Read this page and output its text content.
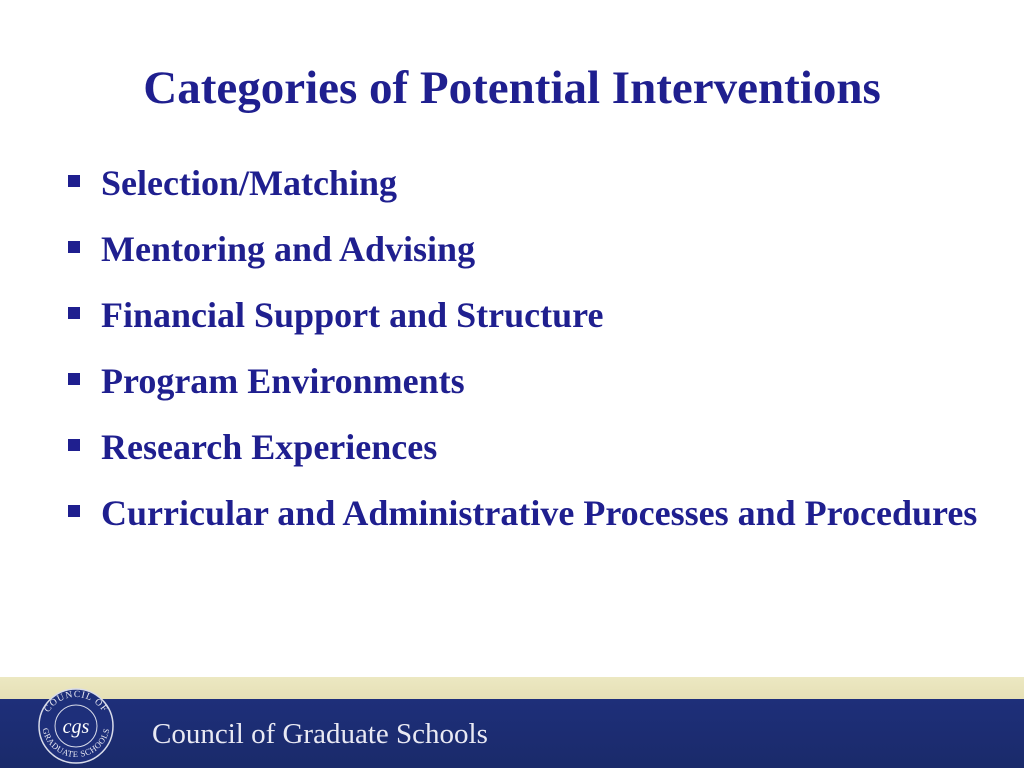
Categories of Potential Interventions
Selection/Matching
Mentoring and Advising
Financial Support and Structure
Program Environments
Research Experiences
Curricular and Administrative Processes and Procedures
COUNCIL OF
GRADUATE SCHOOLS
cgs Council of Graduate Schools
